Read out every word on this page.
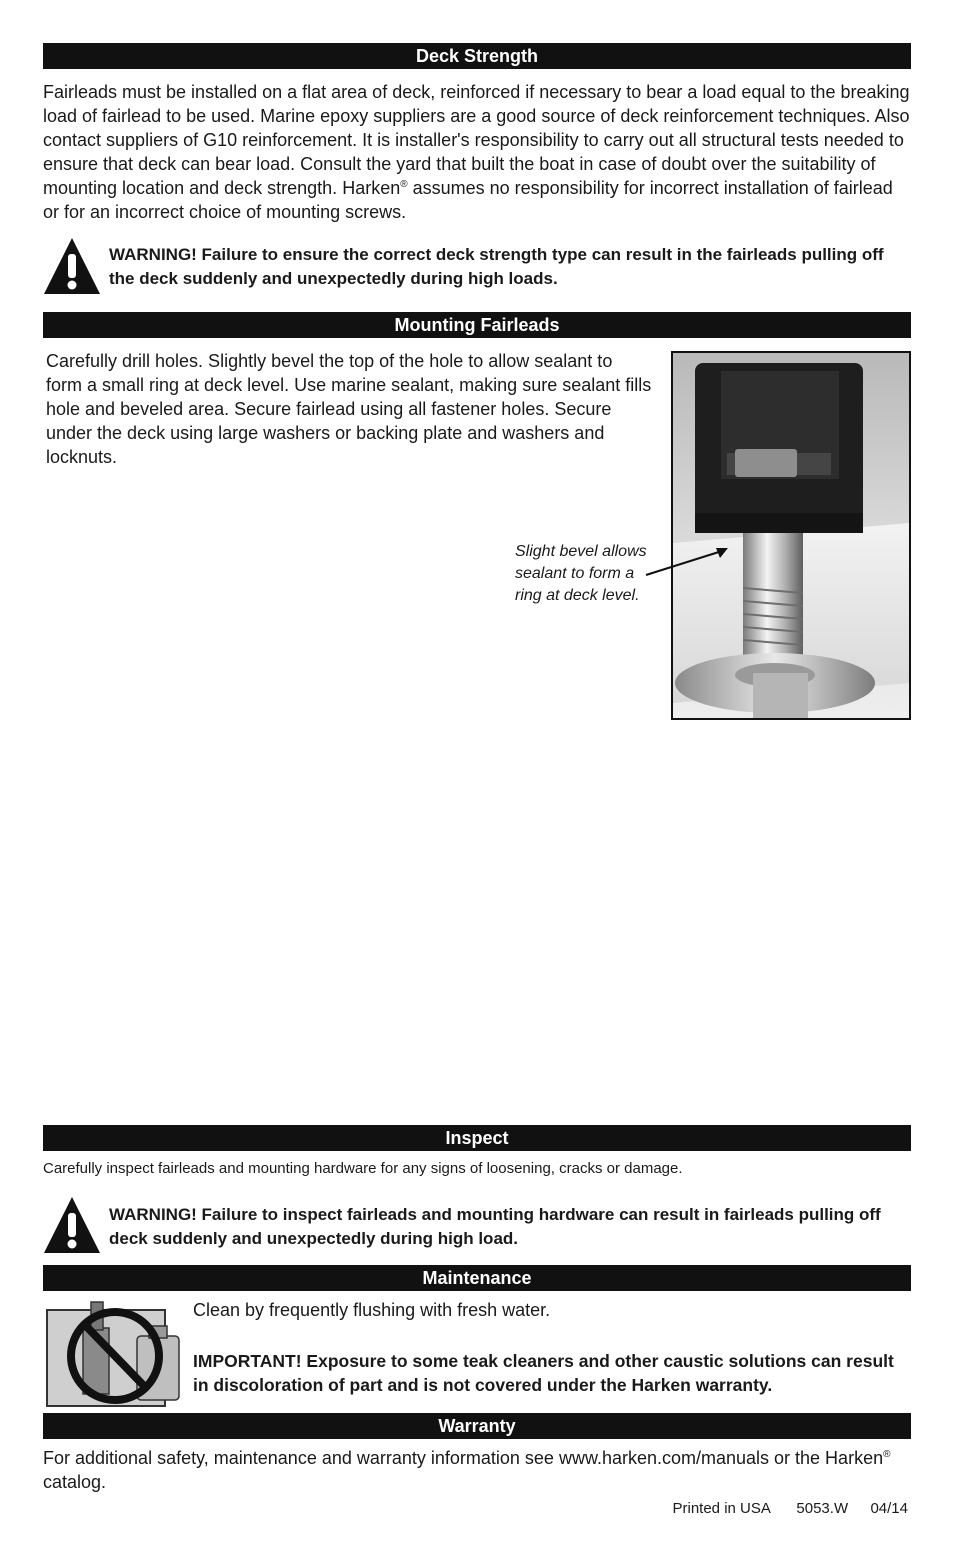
Deck Strength

Fairleads must be installed on a flat area of deck, reinforced if necessary to bear a load equal to the breaking load of fairlead to be used. Marine epoxy suppliers are a good source of deck reinforcement techniques. Also contact suppliers of G10 reinforcement. It is installer's responsibility to carry out all structural tests needed to ensure that deck can bear load. Consult the yard that built the boat in case of doubt over the suitability of mounting location and deck strength. Harken® assumes no responsibility for incorrect installation of fairlead or for an incorrect choice of mounting screws.

WARNING! Failure to ensure the correct deck strength type can result in the fairleads pulling off the deck suddenly and unexpectedly during high loads.

Mounting Fairleads

Carefully drill holes. Slightly bevel the top of the hole to allow sealant to form a small ring at deck level. Use marine sealant, making sure sealant fills hole and beveled area. Secure fairlead using all fastener holes. Secure under the deck using large washers or backing plate and washers and locknuts.

Slight bevel allows sealant to form a ring at deck level.

Inspect

Carefully inspect fairleads and mounting hardware for any signs of loosening, cracks or damage.

WARNING! Failure to inspect fairleads and mounting hardware can result in fairleads pulling off deck suddenly and unexpectedly during high load.

Maintenance

Clean by frequently flushing with fresh water.

IMPORTANT! Exposure to some teak cleaners and other caustic solutions can result in discoloration of part and is not covered under the Harken warranty.

Warranty

For additional safety, maintenance and warranty information see www.harken.com/manuals or the Harken® catalog.

Printed in USA 5053.W 04/14
